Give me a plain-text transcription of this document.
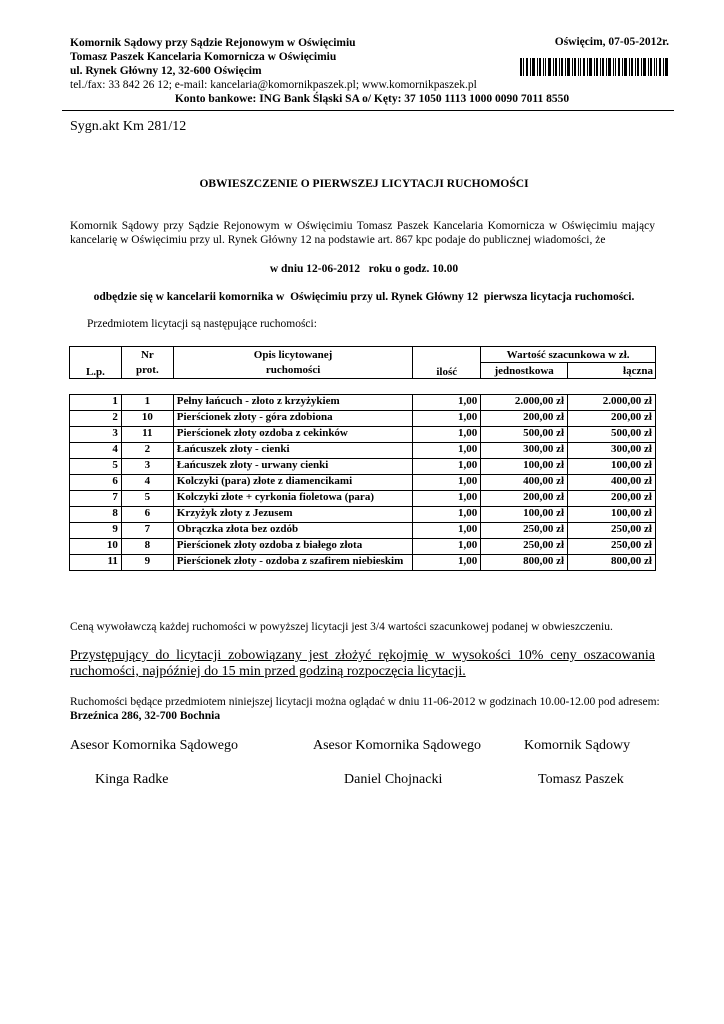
Komornik Sądowy przy Sądzie Rejonowym w Oświęcimiu
Tomasz Paszek Kancelaria Komornicza w Oświęcimiu
ul. Rynek Główny 12, 32-600 Oświęcim
tel./fax: 33 842 26 12; e-mail: kancelaria@komornikpaszek.pl; www.komornikpaszek.pl
Oświęcim, 07-05-2012r.
Konto bankowe: ING Bank Śląski SA o/ Kęty: 37 1050 1113 1000 0090 7011 8550
Sygn.akt Km 281/12
OBWIESZCZENIE O PIERWSZEJ LICYTACJI RUCHOMOŚCI
Komornik Sądowy przy Sądzie Rejonowym w Oświęcimiu Tomasz Paszek Kancelaria Komornicza w Oświęcimiu mający kancelarię w Oświęcimiu przy ul. Rynek Główny 12 na podstawie art. 867 kpc podaje do publicznej wiadomości, że
w dniu 12-06-2012   roku o godz. 10.00
odbędzie się w kancelarii komornika w  Oświęcimiu przy ul. Rynek Główny 12  pierwsza licytacja ruchomości.
Przedmiotem licytacji są następujące ruchomości:
L.p.	Nr	Opis licytowanej	ilość	Wartość szacunkowa w zł.	
	prot.	ruchomości		jednostkowa	łączna
1	1	Pełny łańcuch - złoto z krzyżykiem	1,00	2.000,00 zł	2.000,00 zł
2	10	Pierścionek złoty - góra zdobiona	1,00	200,00 zł	200,00 zł
3	11	Pierścionek złoty ozdoba z cekinków	1,00	500,00 zł	500,00 zł
4	2	Łańcuszek złoty - cienki	1,00	300,00 zł	300,00 zł
5	3	Łańcuszek złoty - urwany cienki	1,00	100,00 zł	100,00 zł
6	4	Kolczyki (para) złote z diamencikami	1,00	400,00 zł	400,00 zł
7	5	Kolczyki złote + cyrkonia fioletowa (para)	1,00	200,00 zł	200,00 zł
8	6	Krzyżyk złoty z Jezusem	1,00	100,00 zł	100,00 zł
9	7	Obrączka złota bez ozdób	1,00	250,00 zł	250,00 zł
10	8	Pierścionek złoty ozdoba z białego złota	1,00	250,00 zł	250,00 zł
11	9	Pierścionek złoty - ozdoba z szafirem niebieskim	1,00	800,00 zł	800,00 zł
Ceną wywoławczą każdej ruchomości w powyższej licytacji jest 3/4 wartości szacunkowej podanej w obwieszczeniu.
Przystępujący do licytacji zobowiązany jest złożyć rękojmię w wysokości 10% ceny oszacowania ruchomości, najpóźniej do 15 min przed godziną rozpoczęcia licytacji.
Ruchomości będące przedmiotem niniejszej licytacji można oglądać w dniu 11-06-2012 w godzinach 10.00-12.00 pod adresem: Brzeźnica 286, 32-700 Bochnia
Asesor Komornika Sądowego
Kinga Radke
Asesor Komornika Sądowego
Daniel Chojnacki
Komornik Sądowy
Tomasz Paszek
